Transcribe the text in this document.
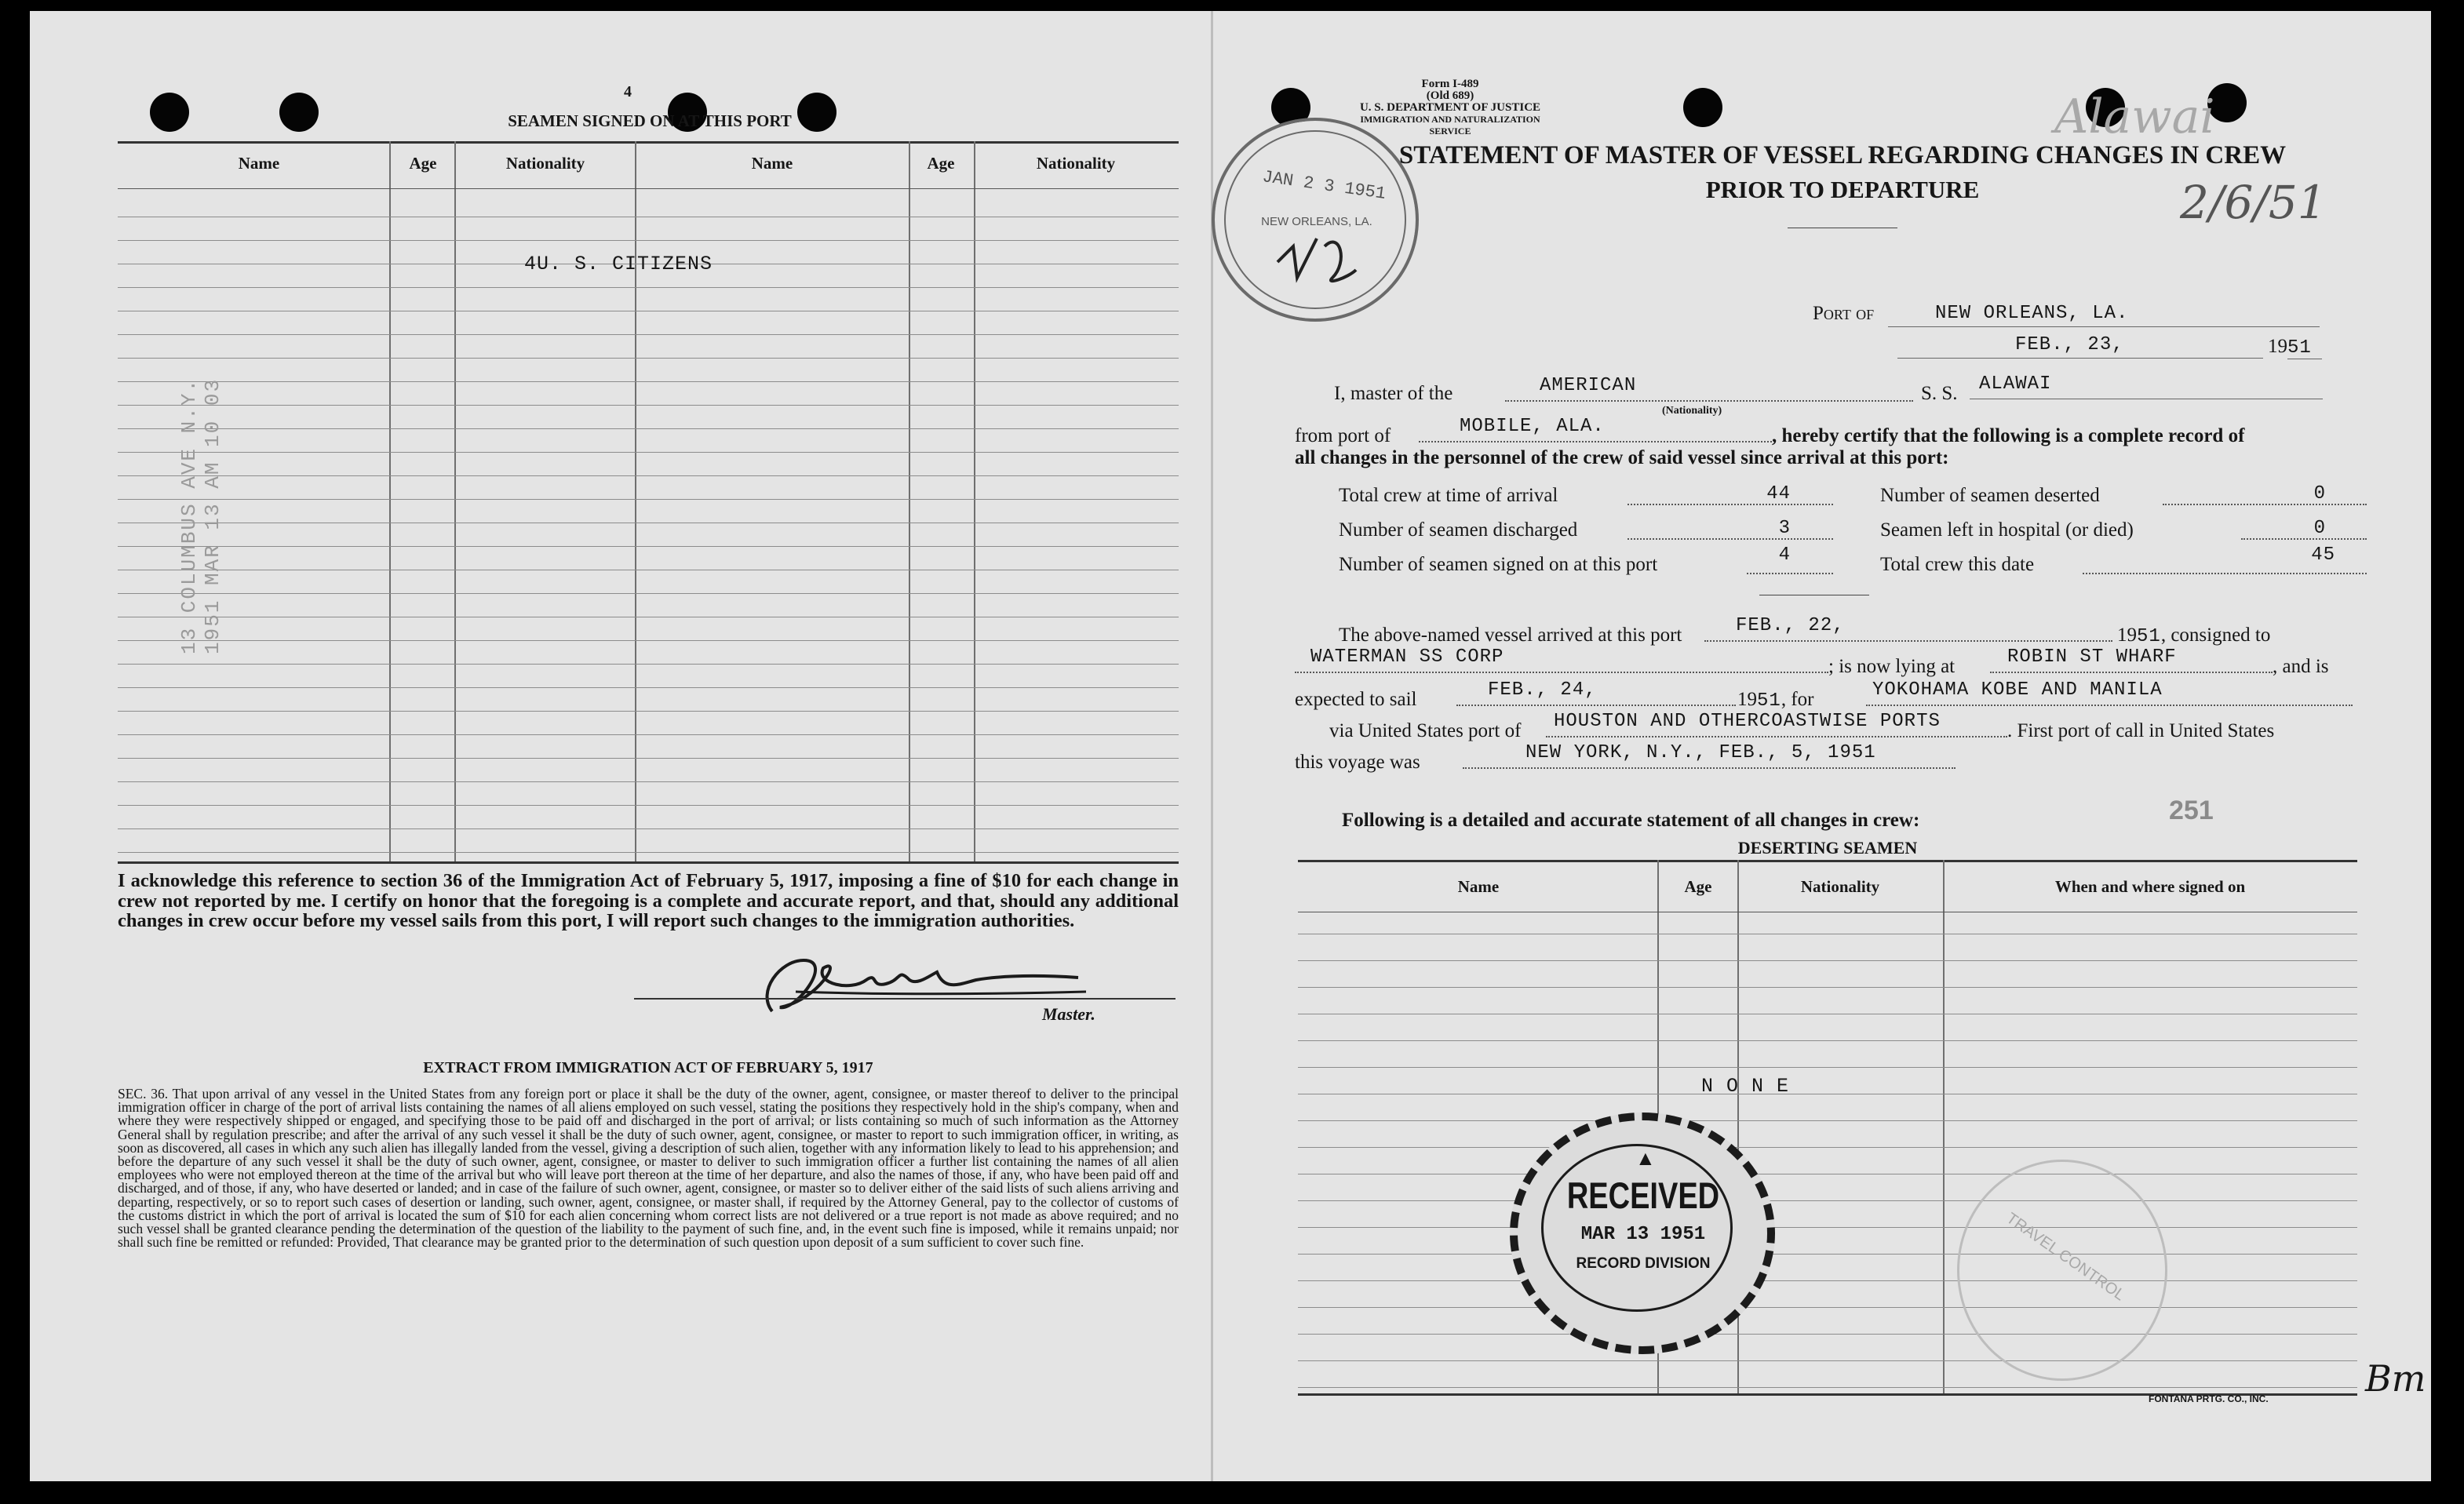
4
SEAMEN SIGNED ON AT THIS PORT
Name	Age	Nationality	Name	Age	Nationality
4U. S. CITIZENS
13 COLUMBUS AVE N.Y. 1951 MAR 13 AM 10 03
I acknowledge this reference to section 36 of the Immigration Act of February 5, 1917, imposing a fine of $10 for each change in crew not reported by me. I certify on honor that the foregoing is a complete and accurate report, and that, should any additional changes in crew occur before my vessel sails from this port, I will report such changes to the immigration authorities.
Master.
EXTRACT FROM IMMIGRATION ACT OF FEBRUARY 5, 1917
SEC. 36. That upon arrival of any vessel in the United States from any foreign port or place it shall be the duty of the owner, agent, consignee, or master thereof to deliver to the principal immigration officer in charge of the port of arrival lists containing the names of all aliens employed on such vessel, stating the positions they respectively hold in the ship's company, when and where they were respectively shipped or engaged, and specifying those to be paid off and discharged in the port of arrival; or lists containing so much of such information as the Attorney General shall by regulation prescribe; and after the arrival of any such vessel it shall be the duty of such owner, agent, consignee, or master to report to such immigration officer, in writing, as soon as discovered, all cases in which any such alien has illegally landed from the vessel, giving a description of such alien, together with any information likely to lead to his apprehension; and before the departure of any such vessel it shall be the duty of such owner, agent, consignee, or master to deliver to such immigration officer a further list containing the names of all alien employees who were not employed thereon at the time of the arrival but who will leave port thereon at the time of her departure, and also the names of those, if any, who have been paid off and discharged, and of those, if any, who have deserted or landed; and in case of the failure of such owner, agent, consignee, or master so to deliver either of the said lists of such aliens arriving and departing, respectively, or so to report such cases of desertion or landing, such owner, agent, consignee, or master shall, if required by the Attorney General, pay to the collector of customs of the customs district in which the port of arrival is located the sum of $10 for each alien concerning whom correct lists are not delivered or a true report is not made as above required; and no such vessel shall be granted clearance pending the determination of the question of the liability to the payment of such fine, and, in the event such fine is imposed, while it remains unpaid; nor shall such fine be remitted or refunded: Provided, That clearance may be granted prior to the determination of such question upon deposit of a sum sufficient to cover such fine.
Form I-489
(Old 689)
U. S. DEPARTMENT OF JUSTICE
IMMIGRATION AND NATURALIZATION SERVICE
STATEMENT OF MASTER OF VESSEL REGARDING CHANGES IN CREW
PRIOR TO DEPARTURE
Alawai
2/6/51
JAN 2 3 1951
NEW ORLEANS, LA.
Port of	NEW ORLEANS, LA.
FEB., 23,	1951
I, master of the	AMERICAN
(Nationality)
S. S.	ALAWAI
from port of	MOBILE, ALA.	, hereby certify that the following is a complete record of
all changes in the personnel of the crew of said vessel since arrival at this port:
Total crew at time of arrival	44	Number of seamen deserted	0
Number of seamen discharged	3	Seamen left in hospital (or died)	0
Number of seamen signed on at this port	4	Total crew this date	45
The above-named vessel arrived at this port	FEB., 22,	1951, consigned to
WATERMAN SS CORP	; is now lying at	ROBIN ST WHARF	, and is
expected to sail	FEB., 24,	1951, for	YOKOHAMA KOBE AND MANILA
via United States port of	HOUSTON AND OTHERCOASTWISE PORTS	. First port of call in United States
this voyage was	NEW YORK, N.Y., FEB., 5, 1951
Following is a detailed and accurate statement of all changes in crew:	251
DESERTING SEAMEN
Name	Age	Nationality	When and where signed on
N O N E
▲
RECEIVED
MAR 13 1951
RECORD DIVISION	TRAVEL CONTROL
FONTANA PRTG. CO., INC.	Bm
